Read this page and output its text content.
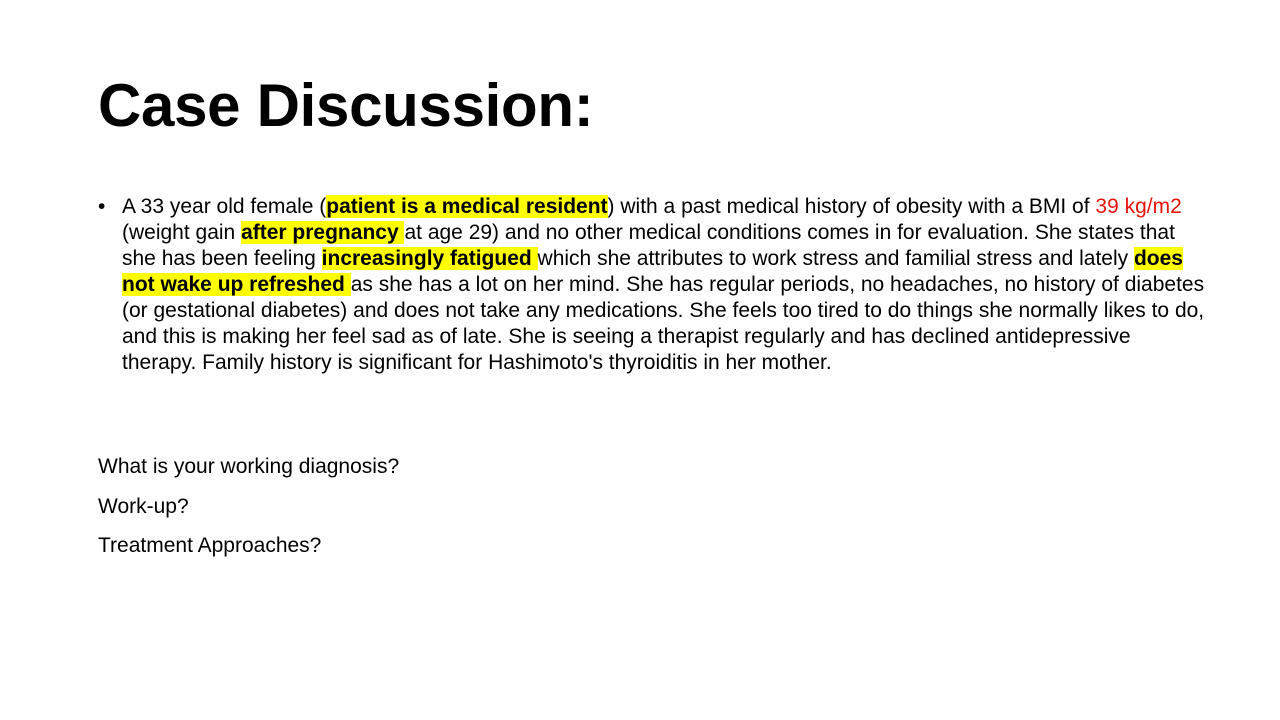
Case Discussion:
• A 33 year old female (patient is a medical resident) with a past medical history of obesity with a BMI of 39 kg/m2 (weight gain after pregnancy at age 29) and no other medical conditions comes in for evaluation. She states that she has been feeling increasingly fatigued which she attributes to work stress and familial stress and lately does not wake up refreshed as she has a lot on her mind. She has regular periods, no headaches, no history of diabetes (or gestational diabetes) and does not take any medications. She feels too tired to do things she normally likes to do, and this is making her feel sad as of late. She is seeing a therapist regularly and has declined antidepressive therapy. Family history is significant for Hashimoto's thyroiditis in her mother.
What is your working diagnosis?
Work-up?
Treatment Approaches?
